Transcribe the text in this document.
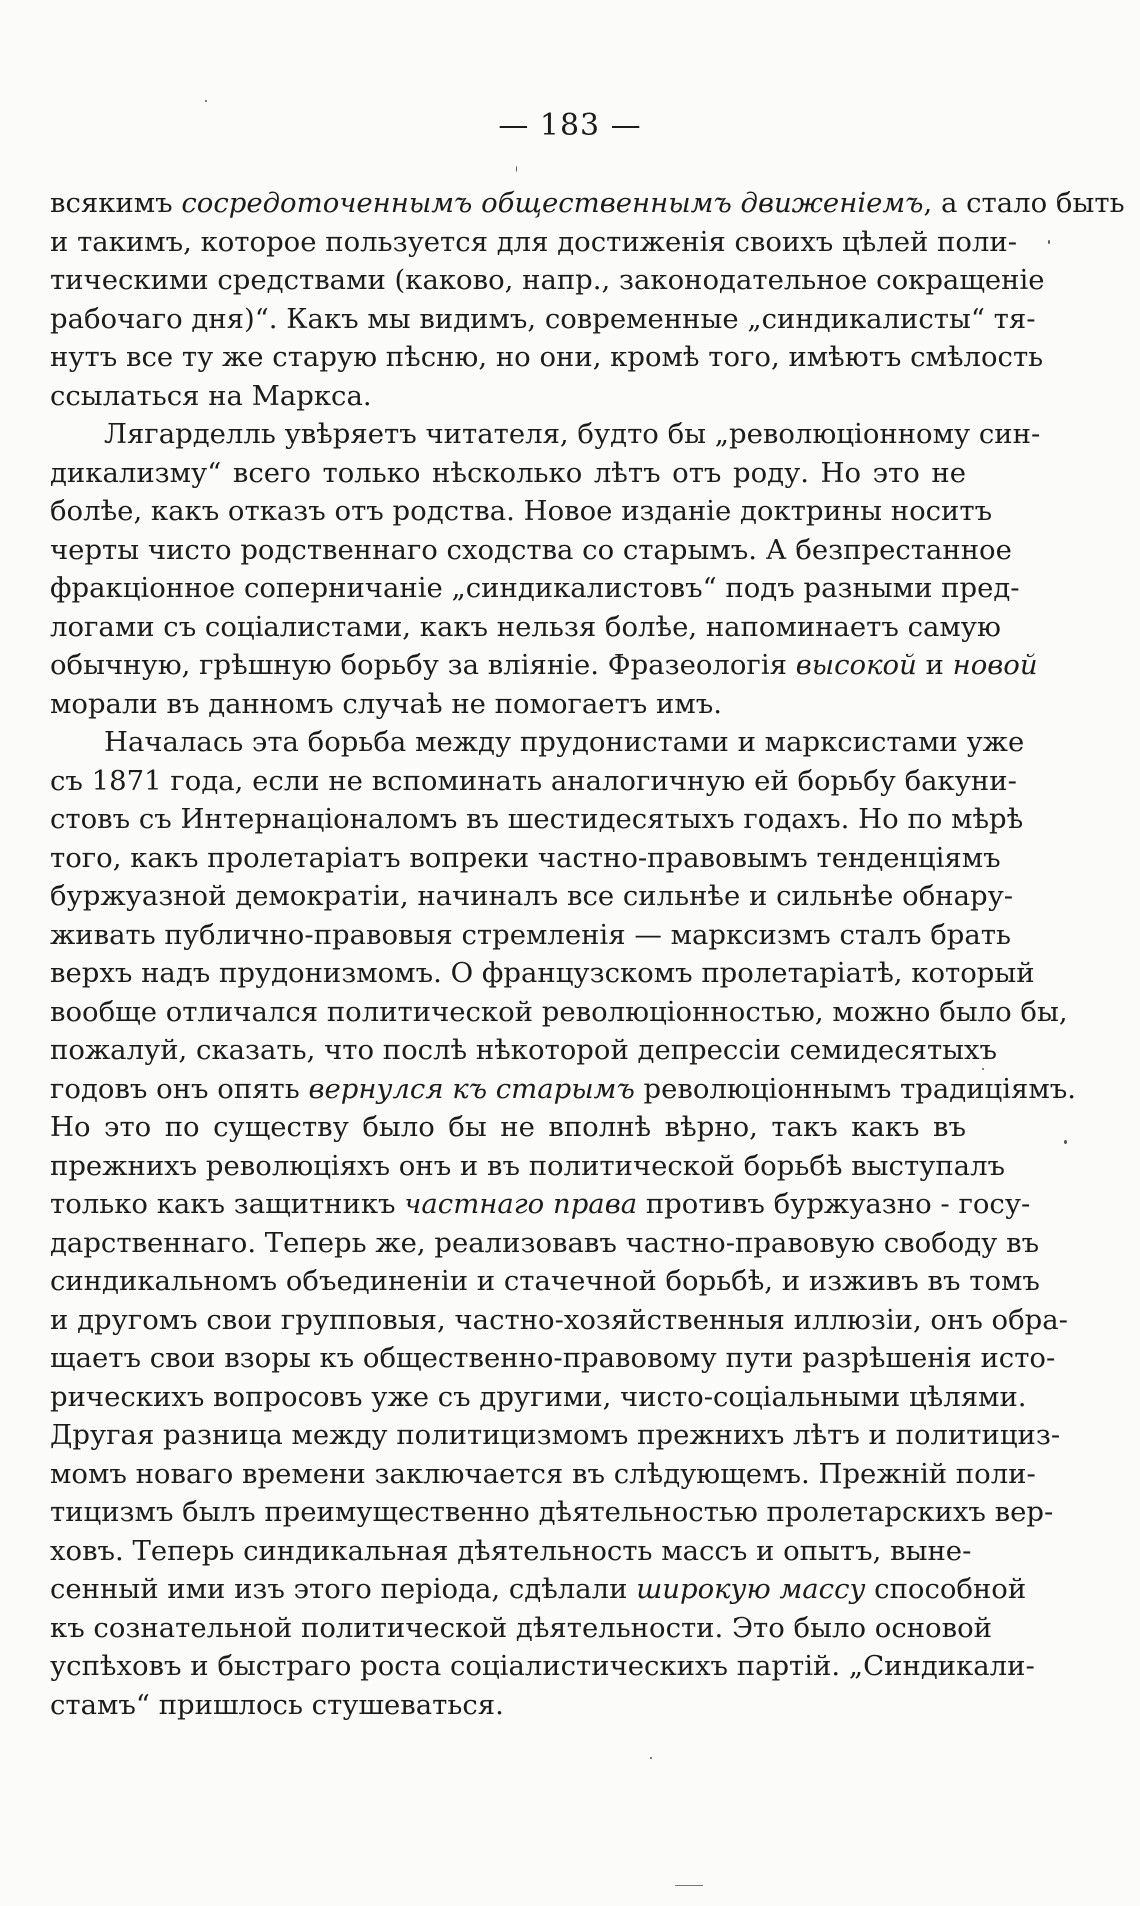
— 183 —
всякимъ сосредоточеннымъ общественнымъ движенiемъ, а стало быть
и такимъ, которое пользуется для достиженiя своихъ цѣлей поли-
тическими средствами (каково, напр., законодательное сокращенiе
рабочаго дня)“. Какъ мы видимъ, современные „синдикалисты“ тя-
нутъ все ту же старую пѣсню, но они, кромѣ того, имѣютъ смѣлость
ссылаться на Маркса.
Лягарделль увѣряетъ читателя, будто бы „революцiонному син-
дикализму“ всего только нѣсколько лѣтъ отъ роду. Но это не
болѣе, какъ отказъ отъ родства. Новое изданiе доктрины носитъ
черты чисто родственнаго сходства со старымъ. А безпрестанное
фракцiонное соперничанiе „синдикалистовъ“ подъ разными пред-
логами съ соцiалистами, какъ нельзя болѣе, напоминаетъ самую
обычную, грѣшную борьбу за влiянiе. Фразеологiя высокой и новой
морали въ данномъ случаѣ не помогаетъ имъ.
Началась эта борьба между прудонистами и марксистами уже
съ 1871 года, если не вспоминать аналогичную ей борьбу бакуни-
стовъ съ Интернацiоналомъ въ шестидесятыхъ годахъ. Но по мѣрѣ
того, какъ пролетарiатъ вопреки частно-правовымъ тенденцiямъ
буржуазной демократiи, начиналъ все сильнѣе и сильнѣе обнару-
живать публично-правовыя стремленiя — марксизмъ сталъ брать
верхъ надъ прудонизмомъ. О французскомъ пролетарiатѣ, который
вообще отличался политической революцiонностью, можно было бы,
пожалуй, сказать, что послѣ нѣкоторой депрессiи семидесятыхъ
годовъ онъ опять вернулся къ старымъ революцiоннымъ традицiямъ.
Но это по существу было бы не вполнѣ вѣрно, такъ какъ въ
прежнихъ революцiяхъ онъ и въ политической борьбѣ выступалъ
только какъ защитникъ частнаго права противъ буржуазно - госу-
дарственнаго. Теперь же, реализовавъ частно-правовую свободу въ
синдикальномъ объединенiи и стачечной борьбѣ, и изживъ въ томъ
и другомъ свои групповыя, частно-хозяйственныя иллюзiи, онъ обра-
щаетъ свои взоры къ общественно-правовому пути разрѣшенiя исто-
рическихъ вопросовъ уже съ другими, чисто-соцiальными цѣлями.
Другая разница между политицизмомъ прежнихъ лѣтъ и политициз-
момъ новаго времени заключается въ слѣдующемъ. Прежнiй поли-
тицизмъ былъ преимущественно дѣятельностью пролетарскихъ вер-
ховъ. Теперь синдикальная дѣятельность массъ и опытъ, выне-
сенный ими изъ этого перiода, сдѣлали широкую массу способной
къ сознательной политической дѣятельности. Это было основой
успѣховъ и быстраго роста соцiалистическихъ партiй. „Синдикали-
стамъ“ пришлось стушеваться.
